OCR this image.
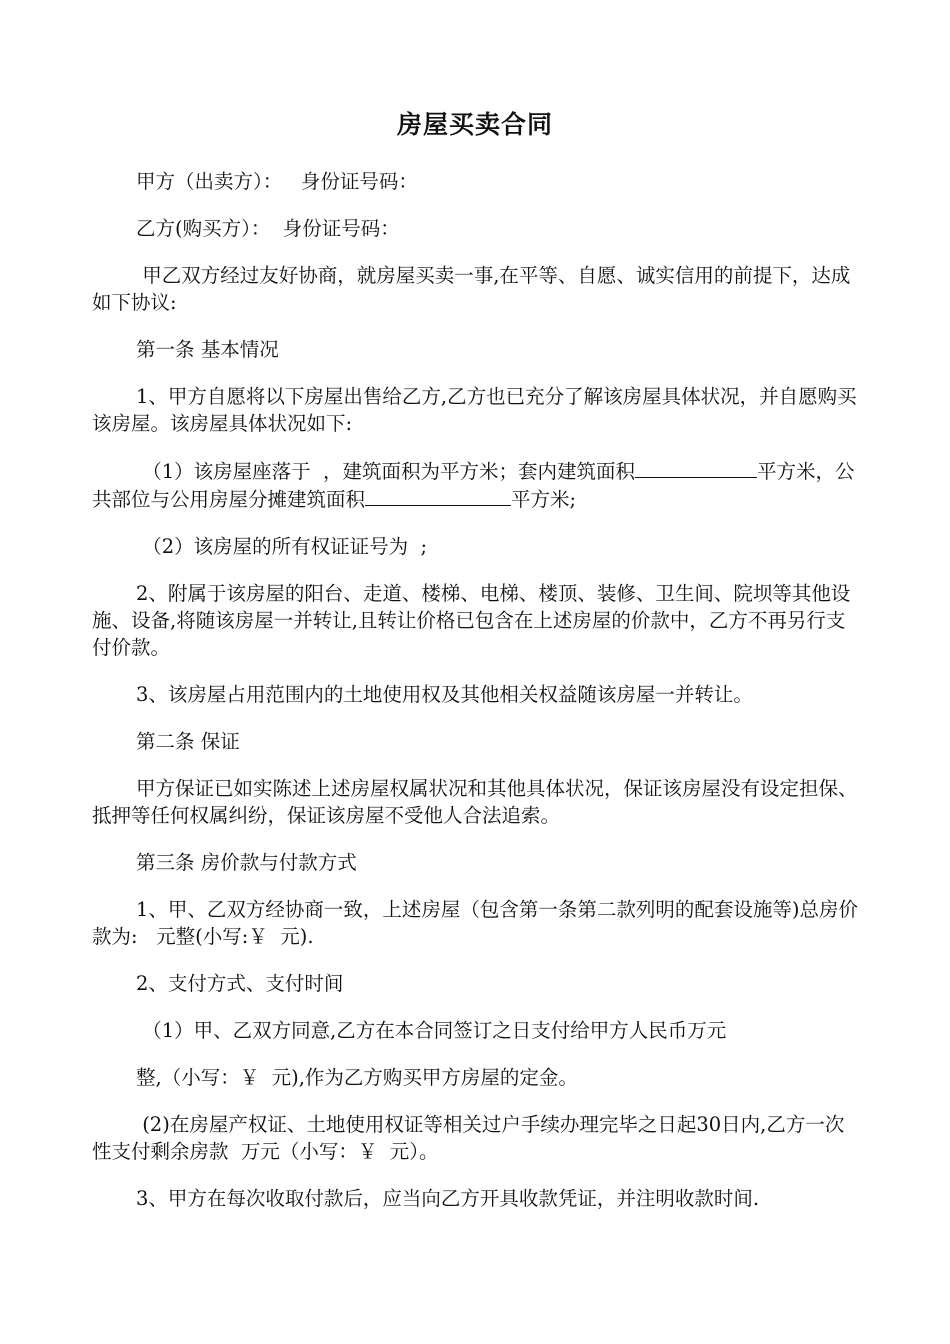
房屋买卖合同

甲方（出卖方）：   身份证号码：

乙方(购买方）：  身份证号码：

甲乙双方经过友好协商，就房屋买卖一事,在平等、自愿、诚实信用的前提下，达成如下协议:

第一条 基本情况

1、甲方自愿将以下房屋出售给乙方,乙方也已充分了解该房屋具体状况，并自愿购买该房屋。该房屋具体状况如下:

（1）该房屋座落于  ，建筑面积为平方米；套内建筑面积	平方米，公共部位与公用房屋分摊建筑面积	平方米;

（2）该房屋的所有权证证号为  ;

2、附属于该房屋的阳台、走道、楼梯、电梯、楼顶、装修、卫生间、院坝等其他设施、设备,将随该房屋一并转让,且转让价格已包含在上述房屋的价款中，乙方不再另行支付价款。

3、该房屋占用范围内的土地使用权及其他相关权益随该房屋一并转让。

第二条 保证

甲方保证已如实陈述上述房屋权属状况和其他具体状况，保证该房屋没有设定担保、抵押等任何权属纠纷，保证该房屋不受他人合法追索。

第三条 房价款与付款方式

1、甲、乙双方经协商一致，上述房屋（包含第一条第二款列明的配套设施等)总房价款为:   元整(小写:￥  元).

2、支付方式、支付时间

（1）甲、乙双方同意,乙方在本合同签订之日支付给甲方人民币万元

整,（小写：￥  元),作为乙方购买甲方房屋的定金。

(2)在房屋产权证、土地使用权证等相关过户手续办理完毕之日起30日内,乙方一次性支付剩余房款  万元（小写：￥  元）。

3、甲方在每次收取付款后，应当向乙方开具收款凭证，并注明收款时间.
